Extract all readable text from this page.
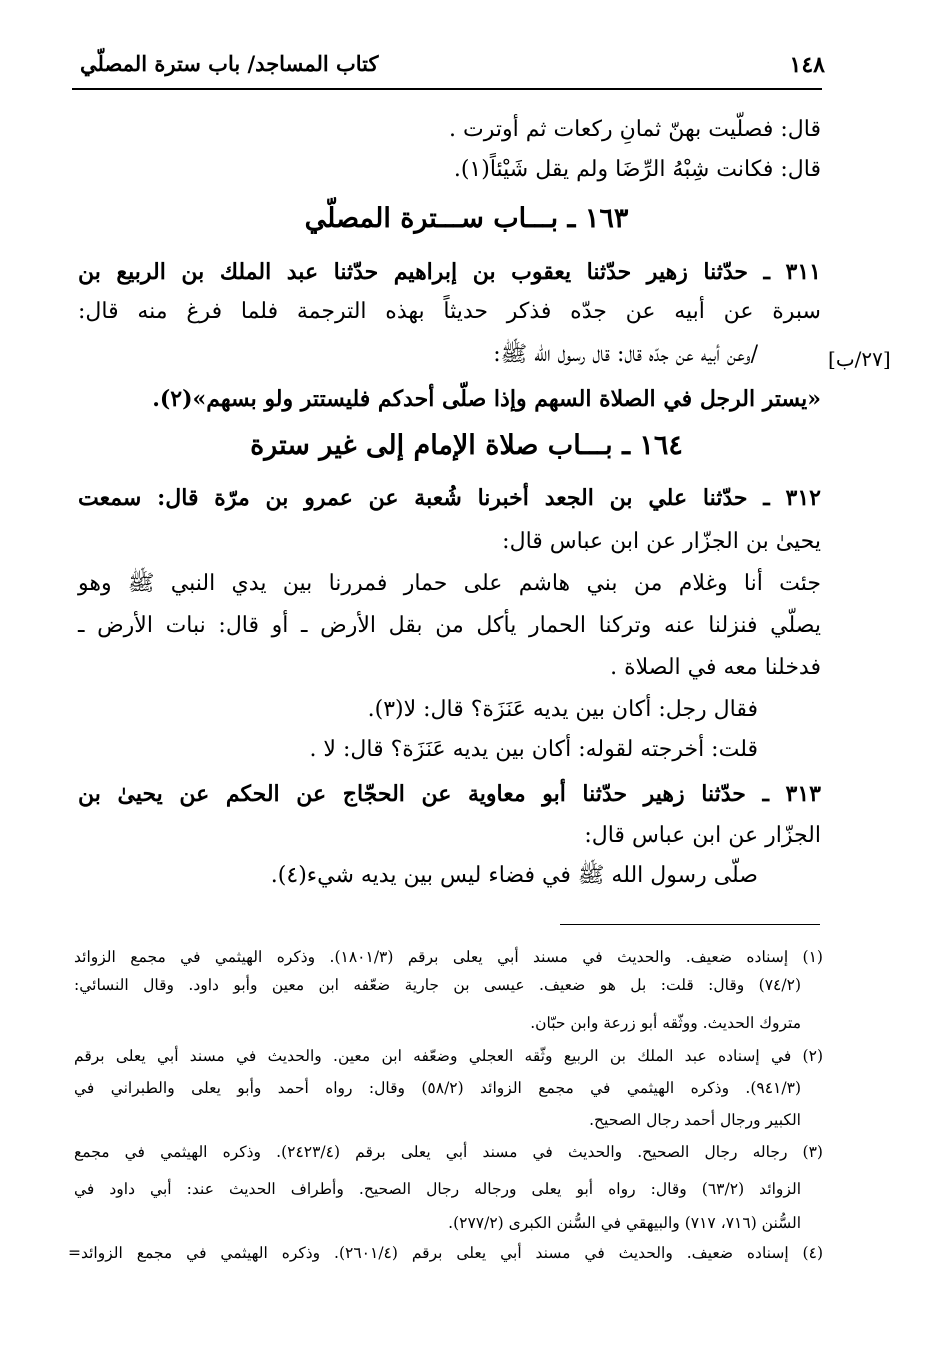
١٤٨
كتاب المساجد/ باب سترة المصلّي
[٢٧/ب]
قال: فصلّيت بهنّ ثمانِ ركعات ثم أوترت .
قال: فكانت شِبْهُ الرِّضَا ولم يقل شَيْئاً(١).
١٦٣ ـ بـــاب ســـترة المصلّي
٣١١ ـ حدّثنا زهير حدّثنا يعقوب بن إبراهيم حدّثنا عبد الملك بن الربيع بن
سبرة عن أبيه عن جدّه فذكر حديثاً بهذه الترجمة فلما فرغ منه قال:
/وعن أبيه عن جدّه قال: قال رسول الله ﷺ:
«يستر الرجل في الصلاة السهم وإذا صلّى أحدكم فليستتر ولو بسهم»(٢).
١٦٤ ـ بـــاب صلاة الإمام إلى غير سترة
٣١٢ ـ حدّثنا علي بن الجعد أخبرنا شُعبة عن عمرو بن مرّة قال: سمعت
يحيىٰ بن الجزّار عن ابن عباس قال:
جئت أنا وغلام من بني هاشم على حمار فمررنا بين يدي النبي ﷺ وهو
يصلّي فنزلنا عنه وتركنا الحمار يأكل من بقل الأرض ـ أو قال: نبات الأرض ـ
فدخلنا معه في الصلاة .
فقال رجل: أكان بين يديه عَنَزَة؟ قال: لا(٣).
قلت: أخرجته لقوله: أكان بين يديه عَنَزَة؟ قال: لا .
٣١٣ ـ حدّثنا زهير حدّثنا أبو معاوية عن الحجّاج عن الحكم عن يحيىٰ بن
الجزّار عن ابن عباس قال:
صلّى رسول الله ﷺ في فضاء ليس بين يديه شيء(٤).
(١) إسناده ضعيف. والحديث في مسند أبي يعلى برقم (١٨٠١/٣). وذكره الهيثمي في مجمع الزوائد
(٧٤/٢) وقال: قلت: بل هو ضعيف. عيسى بن جارية ضعّفه ابن معين وأبو داود. وقال النسائي:
متروك الحديث. ووثّقه أبو زرعة وابن حبّان.
(٢) في إسناده عبد الملك بن الربيع وثّقه العجلي وضعّفه ابن معين. والحديث في مسند أبي يعلى برقم
(٩٤١/٣). وذكره الهيثمي في مجمع الزوائد (٥٨/٢) وقال: رواه أحمد وأبو يعلى والطبراني في
الكبير ورجال أحمد رجال الصحيح.
(٣) رجاله رجال الصحيح. والحديث في مسند أبي يعلى برقم (٢٤٢٣/٤). وذكره الهيثمي في مجمع
الزوائد (٦٣/٢) وقال: رواه أبو يعلى ورجاله رجال الصحيح. وأطراف الحديث عند: أبي داود في
السُّنن (٧١٦، ٧١٧) والبيهقي في السُّنن الكبرى (٢٧٧/٢).
(٤) إسناده ضعيف. والحديث في مسند أبي يعلى برقم (٢٦٠١/٤). وذكره الهيثمي في مجمع الزوائد=
